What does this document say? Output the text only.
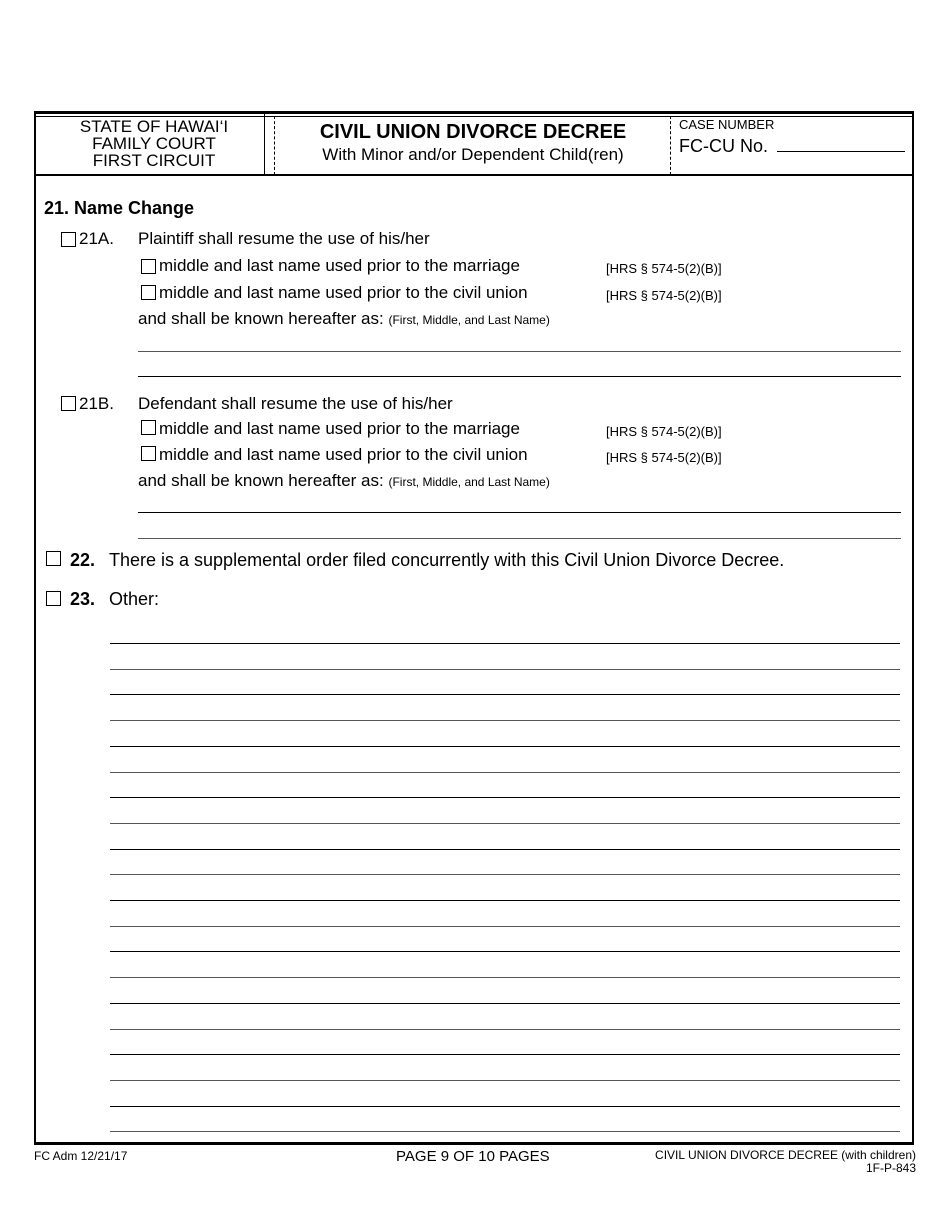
STATE OF HAWAI‘I
FAMILY COURT
FIRST CIRCUIT
CIVIL UNION DIVORCE DECREE
With Minor and/or Dependent Child(ren)
CASE NUMBER
FC-CU No.
21. Name Change
21A. Plaintiff shall resume the use of his/her
middle and last name used prior to the marriage	[HRS § 574-5(2)(B)]
middle and last name used prior to the civil union	[HRS § 574-5(2)(B)]
and shall be known hereafter as: (First, Middle, and Last Name)
21B. Defendant shall resume the use of his/her
middle and last name used prior to the marriage	[HRS § 574-5(2)(B)]
middle and last name used prior to the civil union	[HRS § 574-5(2)(B)]
and shall be known hereafter as: (First, Middle, and Last Name)
22. There is a supplemental order filed concurrently with this Civil Union Divorce Decree.
23. Other:
FC Adm 12/21/17	PAGE 9 OF 10 PAGES	CIVIL UNION DIVORCE DECREE (with children)
1F-P-843
